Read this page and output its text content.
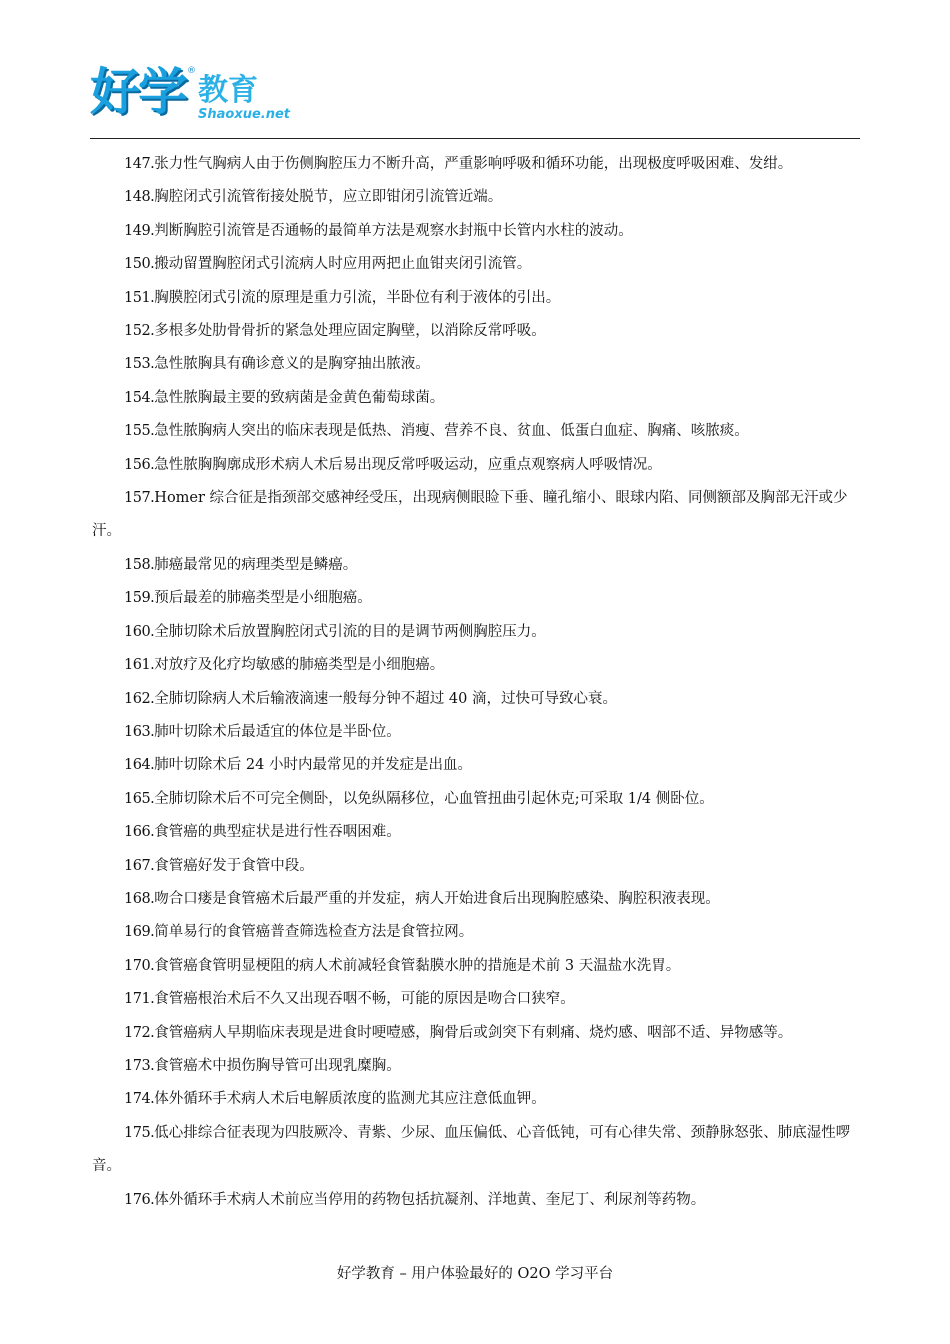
好学 ®
教育
Shaoxue.net
147.张力性气胸病人由于伤侧胸腔压力不断升高，严重影响呼吸和循环功能，出现极度呼吸困难、发绀。
148.胸腔闭式引流管衔接处脱节，应立即钳闭引流管近端。
149.判断胸腔引流管是否通畅的最简单方法是观察水封瓶中长管内水柱的波动。
150.搬动留置胸腔闭式引流病人时应用两把止血钳夹闭引流管。
151.胸膜腔闭式引流的原理是重力引流，半卧位有利于液体的引出。
152.多根多处肋骨骨折的紧急处理应固定胸壁，以消除反常呼吸。
153.急性脓胸具有确诊意义的是胸穿抽出脓液。
154.急性脓胸最主要的致病菌是金黄色葡萄球菌。
155.急性脓胸病人突出的临床表现是低热、消瘦、营养不良、贫血、低蛋白血症、胸痛、咳脓痰。
156.急性脓胸胸廓成形术病人术后易出现反常呼吸运动，应重点观察病人呼吸情况。
157.Homer 综合征是指颈部交感神经受压，出现病侧眼睑下垂、瞳孔缩小、眼球内陷、同侧额部及胸部无汗或少汗。
158.肺癌最常见的病理类型是鳞癌。
159.预后最差的肺癌类型是小细胞癌。
160.全肺切除术后放置胸腔闭式引流的目的是调节两侧胸腔压力。
161.对放疗及化疗均敏感的肺癌类型是小细胞癌。
162.全肺切除病人术后输液滴速一般每分钟不超过 40 滴，过快可导致心衰。
163.肺叶切除术后最适宜的体位是半卧位。
164.肺叶切除术后 24 小时内最常见的并发症是出血。
165.全肺切除术后不可完全侧卧，以免纵隔移位，心血管扭曲引起休克;可采取 1/4 侧卧位。
166.食管癌的典型症状是进行性吞咽困难。
167.食管癌好发于食管中段。
168.吻合口瘘是食管癌术后最严重的并发症，病人开始进食后出现胸腔感染、胸腔积液表现。
169.简单易行的食管癌普查筛选检查方法是食管拉网。
170.食管癌食管明显梗阻的病人术前减轻食管黏膜水肿的措施是术前 3 天温盐水洗胃。
171.食管癌根治术后不久又出现吞咽不畅，可能的原因是吻合口狭窄。
172.食管癌病人早期临床表现是进食时哽噎感，胸骨后或剑突下有刺痛、烧灼感、咽部不适、异物感等。
173.食管癌术中损伤胸导管可出现乳糜胸。
174.体外循环手术病人术后电解质浓度的监测尤其应注意低血钾。
175.低心排综合征表现为四肢厥冷、青紫、少尿、血压偏低、心音低钝，可有心律失常、颈静脉怒张、肺底湿性啰音。
176.体外循环手术病人术前应当停用的药物包括抗凝剂、洋地黄、奎尼丁、利尿剂等药物。
好学教育 – 用户体验最好的 O2O 学习平台
